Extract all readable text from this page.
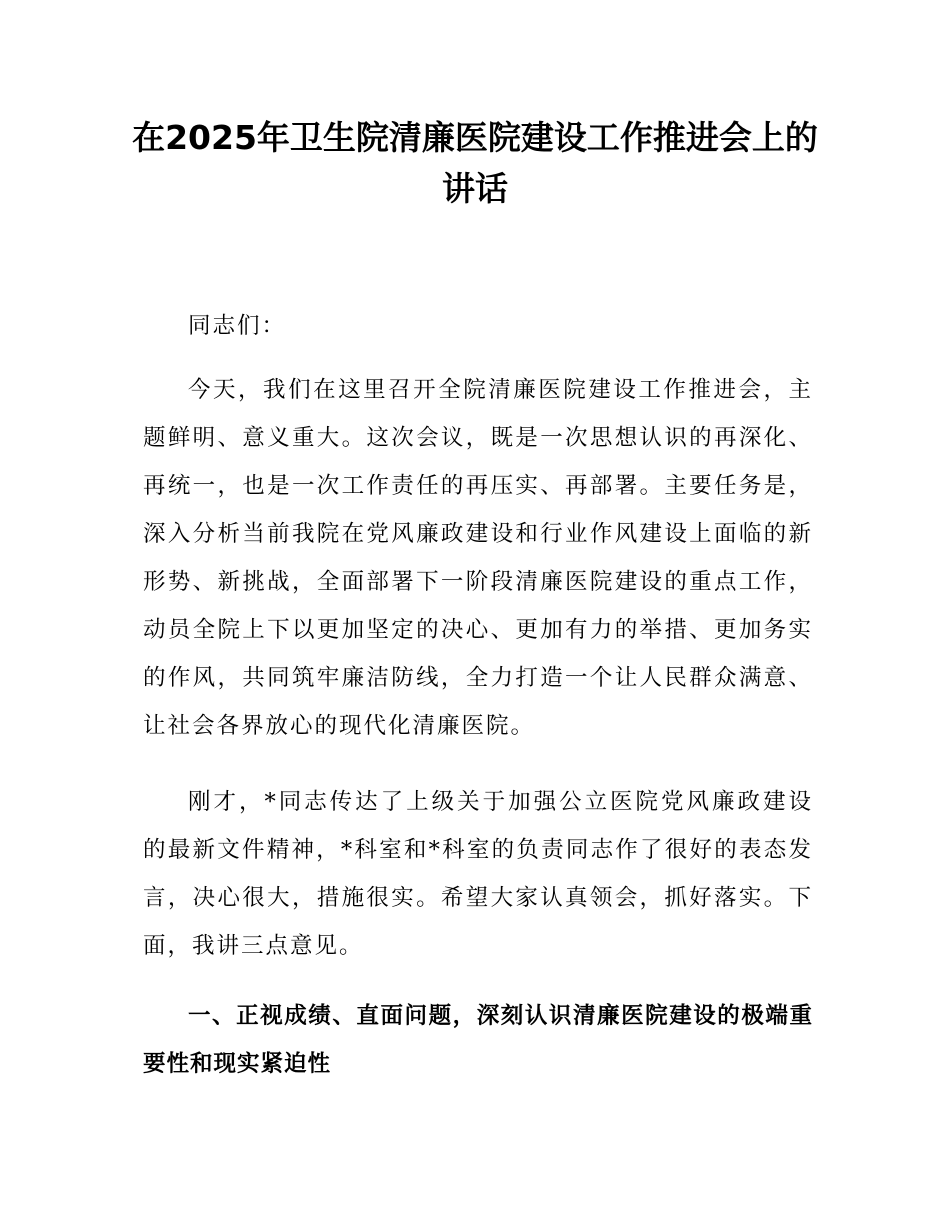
在2025年卫生院清廉医院建设工作推进会上的讲话

同志们：

今天，我们在这里召开全院清廉医院建设工作推进会，主题鲜明、意义重大。这次会议，既是一次思想认识的再深化、再统一，也是一次工作责任的再压实、再部署。主要任务是，深入分析当前我院在党风廉政建设和行业作风建设上面临的新形势、新挑战，全面部署下一阶段清廉医院建设的重点工作，动员全院上下以更加坚定的决心、更加有力的举措、更加务实的作风，共同筑牢廉洁防线，全力打造一个让人民群众满意、让社会各界放心的现代化清廉医院。

刚才，*同志传达了上级关于加强公立医院党风廉政建设的最新文件精神，*科室和*科室的负责同志作了很好的表态发言，决心很大，措施很实。希望大家认真领会，抓好落实。下面，我讲三点意见。

一、正视成绩、直面问题，深刻认识清廉医院建设的极端重要性和现实紧迫性
